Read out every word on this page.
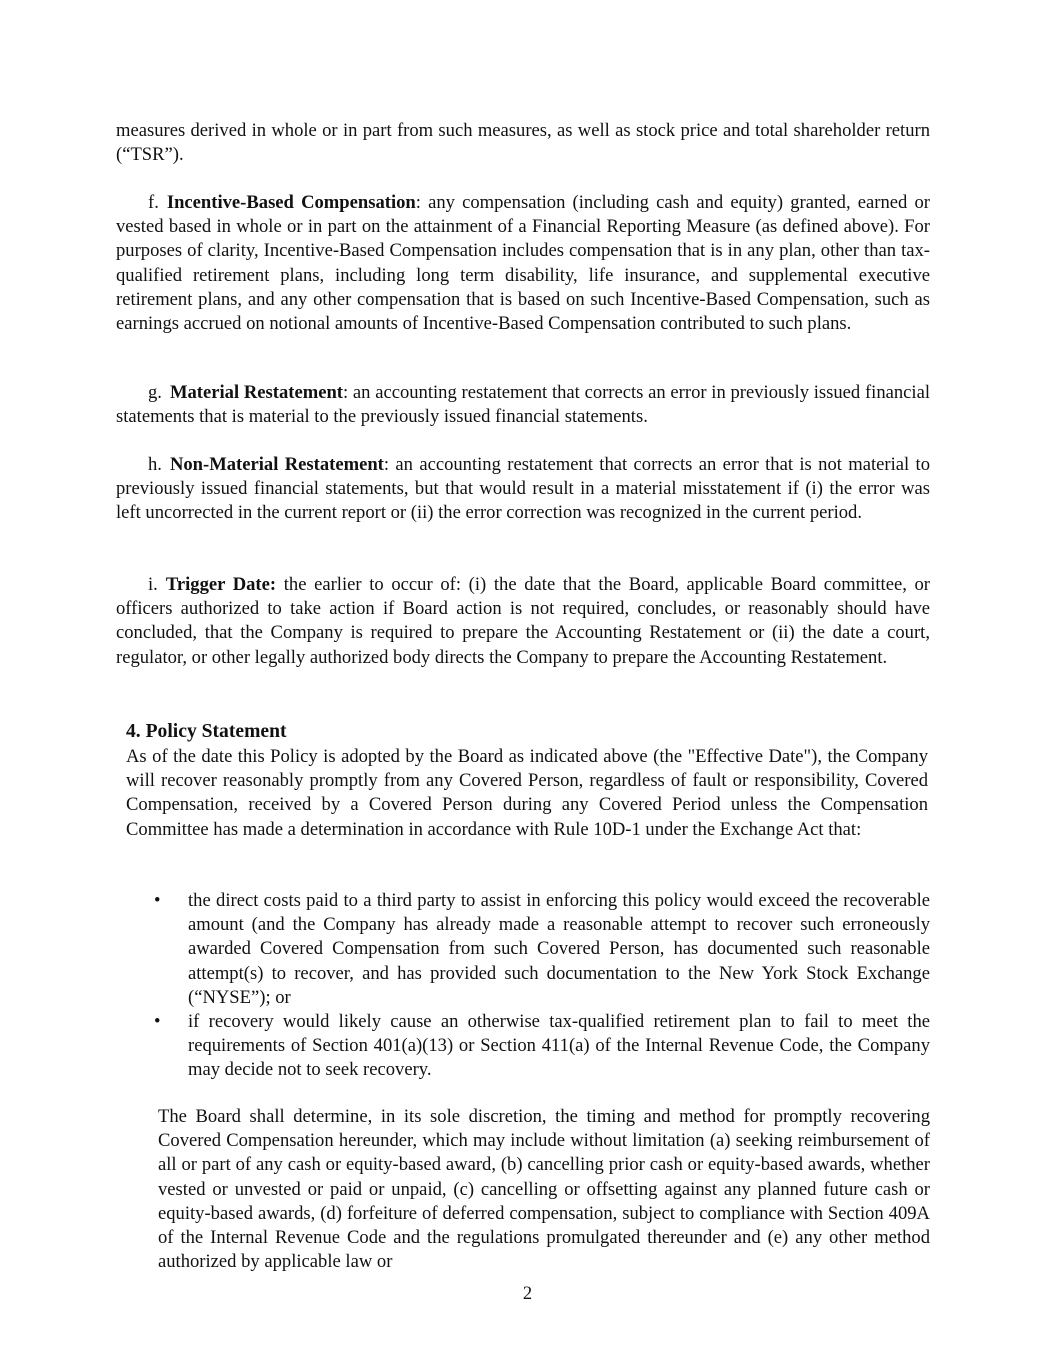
measures derived in whole or in part from such measures, as well as stock price and total shareholder return (“TSR”).

f. Incentive-Based Compensation: any compensation (including cash and equity) granted, earned or vested based in whole or in part on the attainment of a Financial Reporting Measure (as defined above). For purposes of clarity, Incentive-Based Compensation includes compensation that is in any plan, other than tax-qualified retirement plans, including long term disability, life insurance, and supplemental executive retirement plans, and any other compensation that is based on such Incentive-Based Compensation, such as earnings accrued on notional amounts of Incentive-Based Compensation contributed to such plans.

g. Material Restatement: an accounting restatement that corrects an error in previously issued financial statements that is material to the previously issued financial statements.

h. Non-Material Restatement: an accounting restatement that corrects an error that is not material to previously issued financial statements, but that would result in a material misstatement if (i) the error was left uncorrected in the current report or (ii) the error correction was recognized in the current period.

i. Trigger Date: the earlier to occur of: (i) the date that the Board, applicable Board committee, or officers authorized to take action if Board action is not required, concludes, or reasonably should have concluded, that the Company is required to prepare the Accounting Restatement or (ii) the date a court, regulator, or other legally authorized body directs the Company to prepare the Accounting Restatement.

4. Policy Statement

As of the date this Policy is adopted by the Board as indicated above (the "Effective Date"), the Company will recover reasonably promptly from any Covered Person, regardless of fault or responsibility, Covered Compensation, received by a Covered Person during any Covered Period unless the Compensation Committee has made a determination in accordance with Rule 10D-1 under the Exchange Act that:

• the direct costs paid to a third party to assist in enforcing this policy would exceed the recoverable amount (and the Company has already made a reasonable attempt to recover such erroneously awarded Covered Compensation from such Covered Person, has documented such reasonable attempt(s) to recover, and has provided such documentation to the New York Stock Exchange (“NYSE”); or
• if recovery would likely cause an otherwise tax-qualified retirement plan to fail to meet the requirements of Section 401(a)(13) or Section 411(a) of the Internal Revenue Code, the Company may decide not to seek recovery.

The Board shall determine, in its sole discretion, the timing and method for promptly recovering Covered Compensation hereunder, which may include without limitation (a) seeking reimbursement of all or part of any cash or equity-based award, (b) cancelling prior cash or equity-based awards, whether vested or unvested or paid or unpaid, (c) cancelling or offsetting against any planned future cash or equity-based awards, (d) forfeiture of deferred compensation, subject to compliance with Section 409A of the Internal Revenue Code and the regulations promulgated thereunder and (e) any other method authorized by applicable law or

2
